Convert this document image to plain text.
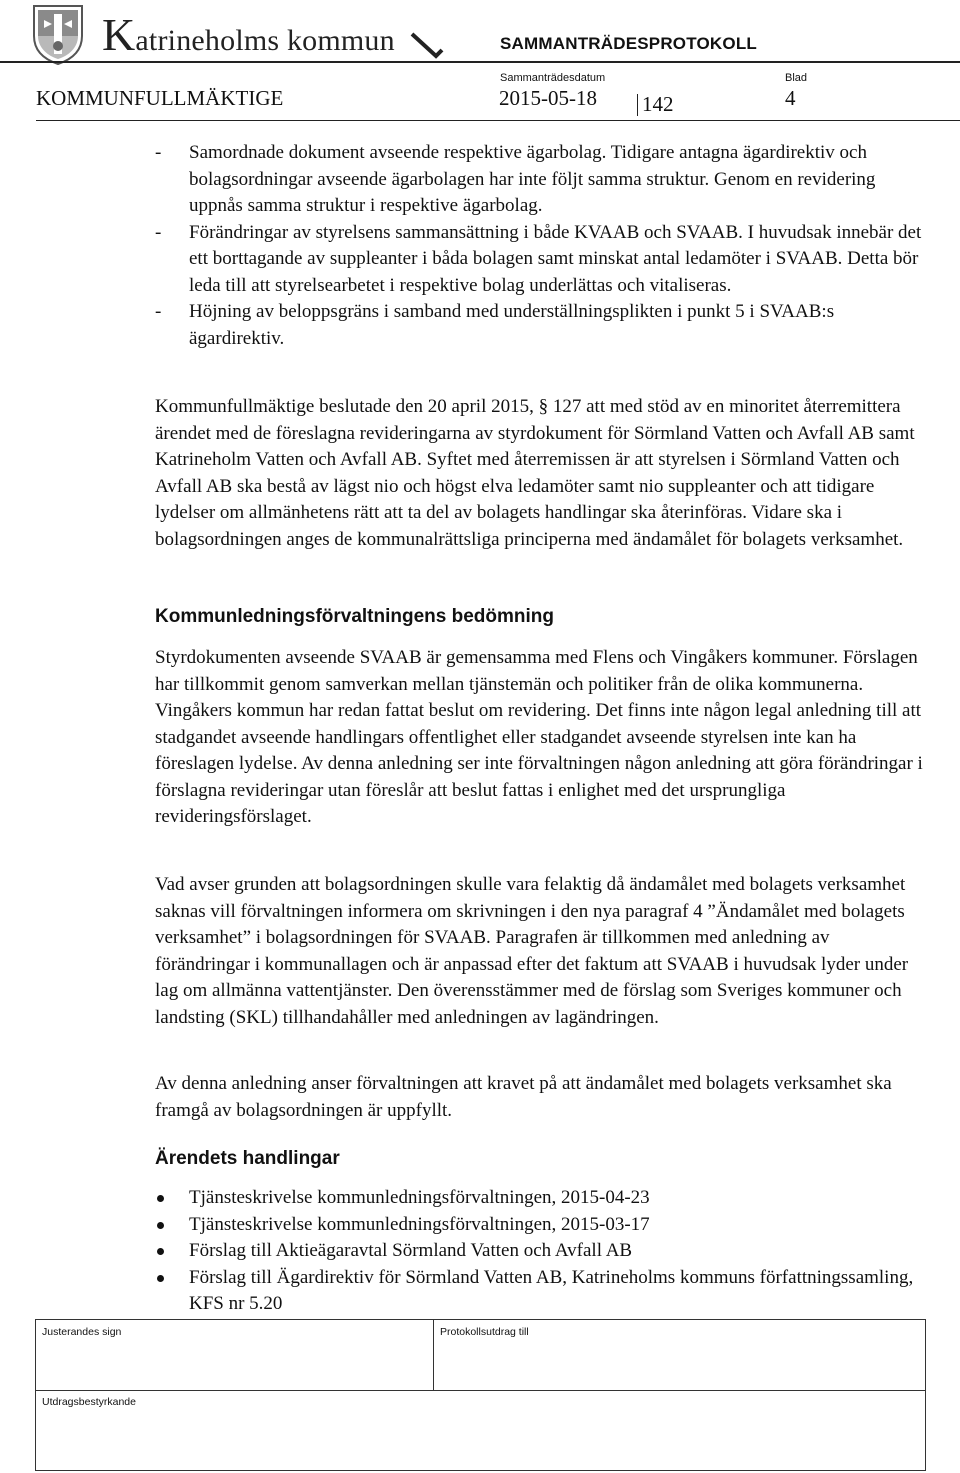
Katrineholms kommun	SAMMANTRÄDESPROTOKOLL
Sammanträdesdatum	Blad
KOMMUNFULLMÄKTIGE	2015-05-18 142	4
- Samordnade dokument avseende respektive ägarbolag. Tidigare antagna ägardirektiv och bolagsordningar avseende ägarbolagen har inte följt samma struktur. Genom en revidering uppnås samma struktur i respektive ägarbolag.
- Förändringar av styrelsens sammansättning i både KVAAB och SVAAB. I huvudsak innebär det ett borttagande av suppleanter i båda bolagen samt minskat antal ledamöter i SVAAB. Detta bör leda till att styrelsearbetet i respektive bolag underlättas och vitaliseras.
- Höjning av beloppsgräns i samband med underställningsplikten i punkt 5 i SVAAB:s ägardirektiv.

Kommunfullmäktige beslutade den 20 april 2015, § 127 att med stöd av en minoritet återremittera ärendet med de föreslagna revideringarna av styrdokument för Sörmland Vatten och Avfall AB samt Katrineholm Vatten och Avfall AB. Syftet med återremissen är att styrelsen i Sörmland Vatten och Avfall AB ska bestå av lägst nio och högst elva ledamöter samt nio suppleanter och att tidigare lydelser om allmänhetens rätt att ta del av bolagets handlingar ska återinföras. Vidare ska i bolagsordningen anges de kommunalrättsliga principerna med ändamålet för bolagets verksamhet.

Kommunledningsförvaltningens bedömning

Styrdokumenten avseende SVAAB är gemensamma med Flens och Vingåkers kommuner. Förslagen har tillkommit genom samverkan mellan tjänstemän och politiker från de olika kommunerna. Vingåkers kommun har redan fattat beslut om revidering. Det finns inte någon legal anledning till att stadgandet avseende handlingars offentlighet eller stadgandet avseende styrelsen inte kan ha föreslagen lydelse. Av denna anledning ser inte förvaltningen någon anledning att göra förändringar i förslagna revideringar utan föreslår att beslut fattas i enlighet med det ursprungliga revideringsförslaget.

Vad avser grunden att bolagsordningen skulle vara felaktig då ändamålet med bolagets verksamhet saknas vill förvaltningen informera om skrivningen i den nya paragraf 4 ”Ändamålet med bolagets verksamhet” i bolagsordningen för SVAAB. Paragrafen är tillkommen med anledning av förändringar i kommunallagen och är anpassad efter det faktum att SVAAB i huvudsak lyder under lag om allmänna vattentjänster. Den överensstämmer med de förslag som Sveriges kommuner och landsting (SKL) tillhandahåller med anledningen av lagändringen.

Av denna anledning anser förvaltningen att kravet på att ändamålet med bolagets verksamhet ska framgå av bolagsordningen är uppfyllt.

Ärendets handlingar
Tjänsteskrivelse kommunledningsförvaltningen, 2015-04-23
Tjänsteskrivelse kommunledningsförvaltningen, 2015-03-17
Förslag till Aktieägaravtal Sörmland Vatten och Avfall AB
Förslag till Ägardirektiv för Sörmland Vatten AB, Katrineholms kommuns författningssamling, KFS nr 5.20
Justerandes sign	Protokollsutdrag till
Utdragsbestyrkande
